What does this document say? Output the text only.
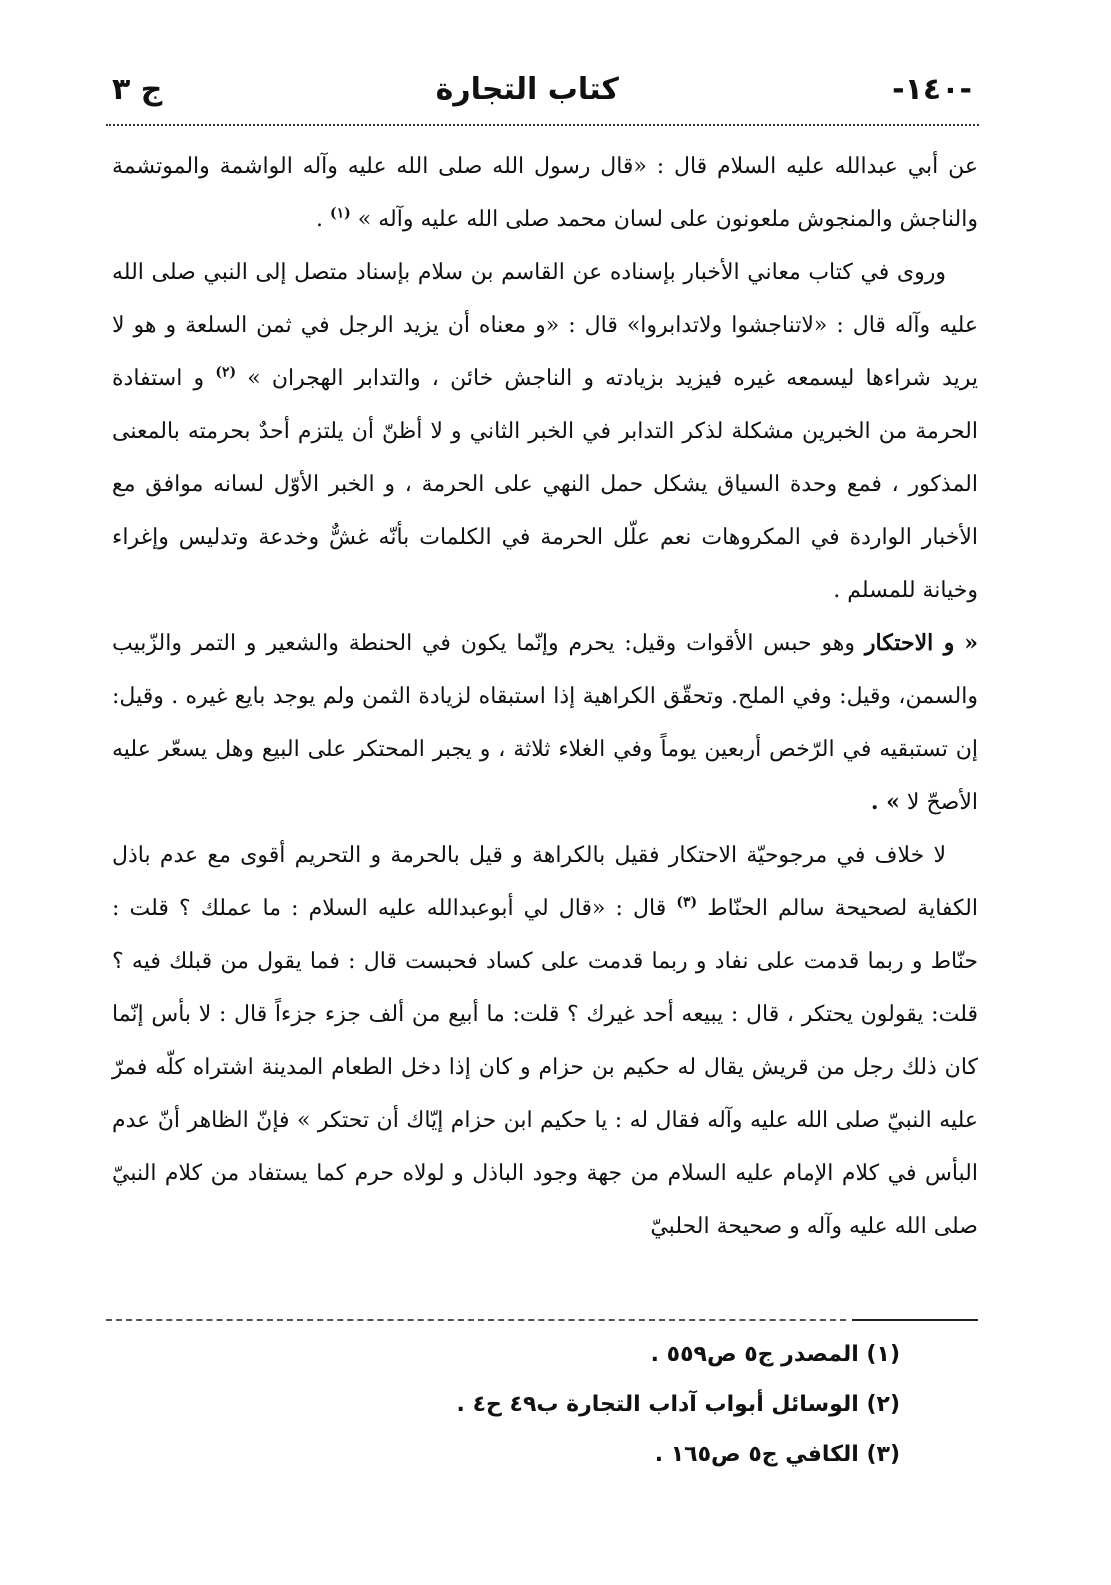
-١٤٠-
كتاب التجارة
ج ٣

عن أبي عبدالله عليه السلام قال : «قال رسول الله صلى الله عليه وآله الواشمة والموتشمة والناجش والمنجوش ملعونون على لسان محمد صلى الله عليه وآله » $^{(١)}$ .

وروى في كتاب معاني الأخبار بإسناده عن القاسم بن سلام بإسناد متصل إلى النبي صلى الله عليه وآله قال : «لاتناجشوا ولاتدابروا» قال : «و معناه أن يزيد الرجل في ثمن السلعة و هو لا يريد شراءها ليسمعه غيره فيزيد بزيادته و الناجش خائن ، والتدابر الهجران » $^{(٢)}$ و استفادة الحرمة من الخبرين مشكلة لذكر التدابر في الخبر الثاني و لا أظنّ أن يلتزم أحدٌ بحرمته بالمعنى المذكور ، فمع وحدة السياق يشكل حمل النهي على الحرمة ، و الخبر الأوّل لسانه موافق مع الأخبار الواردة في المكروهات نعم علّل الحرمة في الكلمات بأنّه غشٌّ وخدعة وتدليس وإغراء وخيانة للمسلم .

« و الاحتكار وهو حبس الأقوات وقيل: يحرم وإنّما يكون في الحنطة والشعير و التمر والزّبيب والسمن، وقيل: وفي الملح. وتحقّق الكراهية إذا استبقاه لزيادة الثمن ولم يوجد بايع غيره . وقيل: إن تستبقيه في الرّخص أربعين يوماً وفي الغلاء ثلاثة ، و يجبر المحتكر على البيع وهل يسعّر عليه الأصحّ لا » .

لا خلاف في مرجوحيّة الاحتكار فقيل بالكراهة و قيل بالحرمة و التحريم أقوى مع عدم باذل الكفاية لصحيحة سالم الحنّاط $^{(٣)}$ قال : «قال لي أبوعبدالله عليه السلام : ما عملك ؟ قلت : حنّاط و ربما قدمت على نفاد و ربما قدمت على كساد فحبست قال : فما يقول من قبلك فيه ؟ قلت: يقولون يحتكر ، قال : يبيعه أحد غيرك ؟ قلت: ما أبيع من ألف جزء جزءاً قال : لا بأس إنّما كان ذلك رجل من قريش يقال له حكيم بن حزام و كان إذا دخل الطعام المدينة اشتراه كلّه فمرّ عليه النبيّ صلى الله عليه وآله فقال له : يا حكيم ابن حزام إيّاك أن تحتكر » فإنّ الظاهر أنّ عدم البأس في كلام الإمام عليه السلام من جهة وجود الباذل و لولاه حرم كما يستفاد من كلام النبيّ صلى الله عليه وآله و صحيحة الحلبيّ

(١) المصدر ج٥ ص٥٥٩ .

(٢) الوسائل أبواب آداب التجارة ب٤٩ ح٤ .

(٣) الكافي ج٥ ص١٦٥ .
